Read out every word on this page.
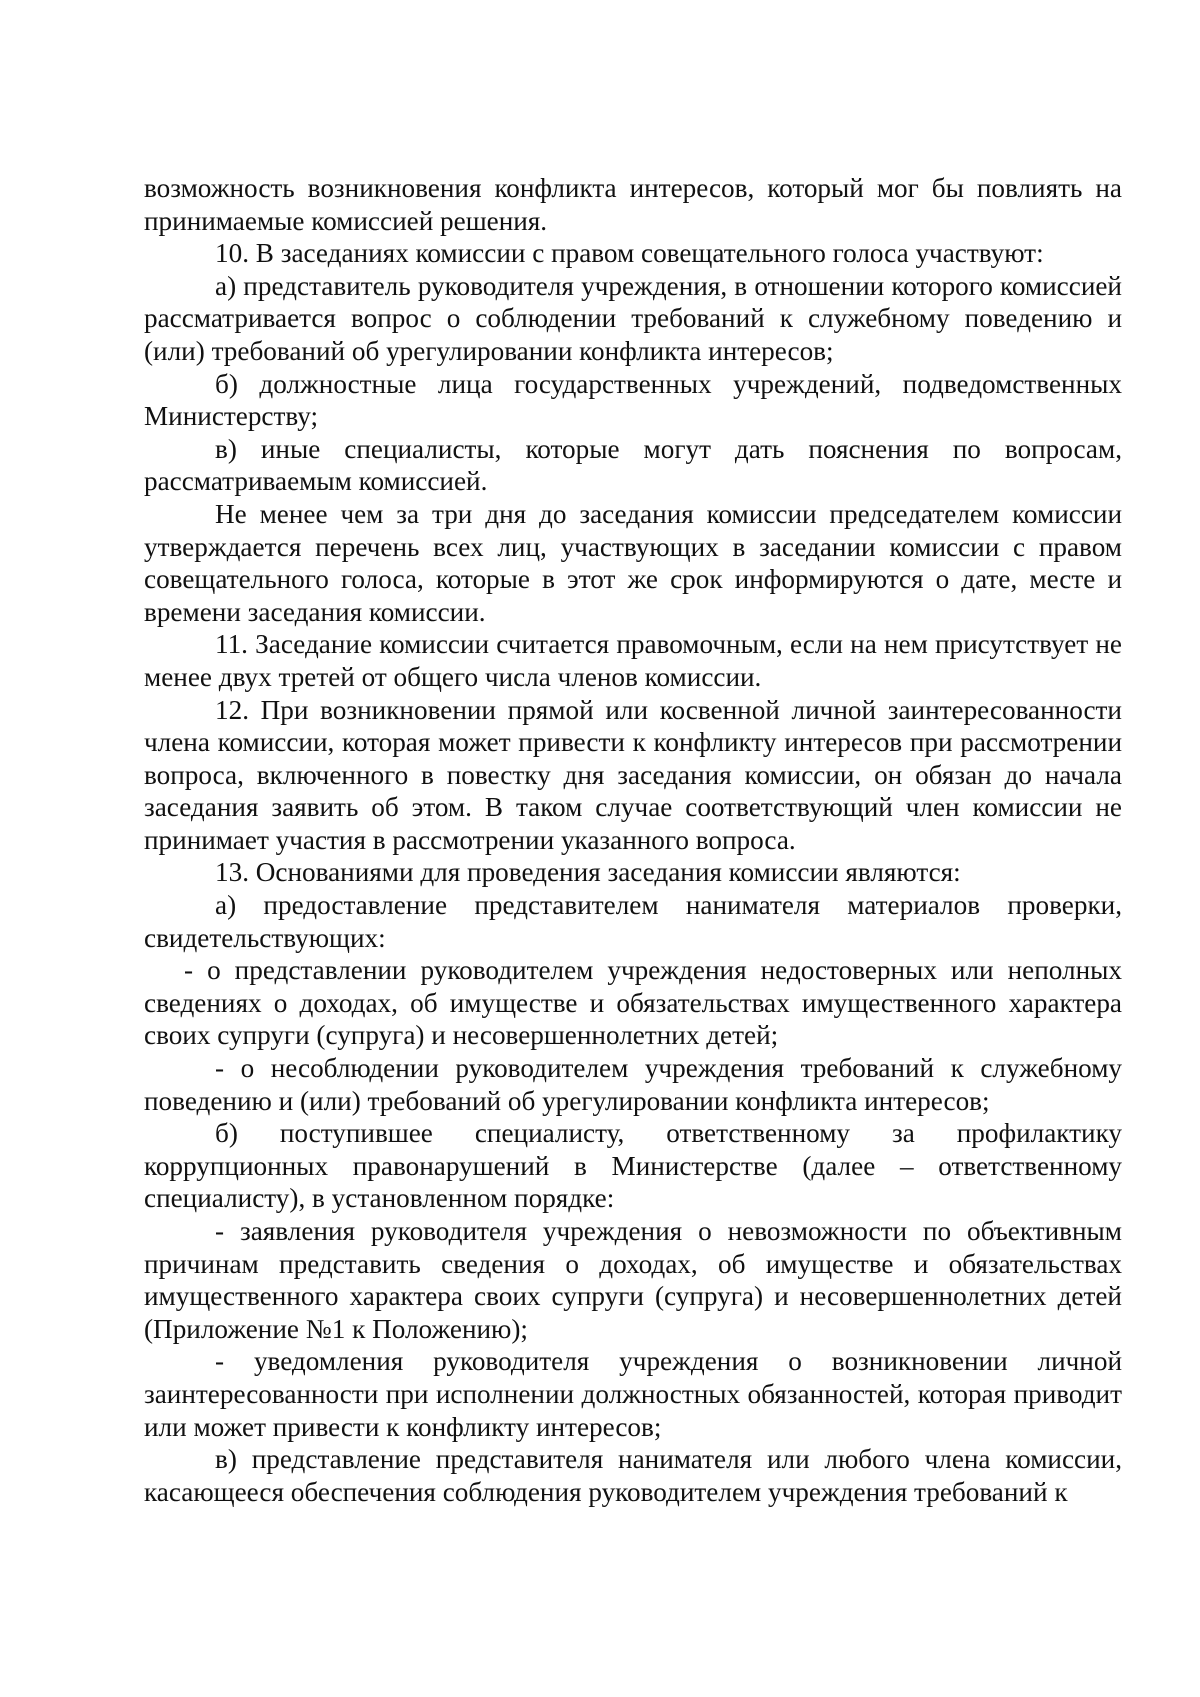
возможность возникновения конфликта интересов, который мог бы повлиять на принимаемые комиссией решения.

10. В заседаниях комиссии с правом совещательного голоса участвуют:

а) представитель руководителя учреждения, в отношении которого комиссией рассматривается вопрос о соблюдении требований к служебному поведению и (или) требований об урегулировании конфликта интересов;

б) должностные лица государственных учреждений, подведомственных Министерству;

в) иные специалисты, которые могут дать пояснения по вопросам, рассматриваемым комиссией.

Не менее чем за три дня до заседания комиссии председателем комиссии утверждается перечень всех лиц, участвующих в заседании комиссии с правом совещательного голоса, которые в этот же срок информируются о дате, месте и времени заседания комиссии.

11. Заседание комиссии считается правомочным, если на нем присутствует не менее двух третей от общего числа членов комиссии.

12. При возникновении прямой или косвенной личной заинтересованности члена комиссии, которая может привести к конфликту интересов при рассмотрении вопроса, включенного в повестку дня заседания комиссии, он обязан до начала заседания заявить об этом. В таком случае соответствующий член комиссии не принимает участия в рассмотрении указанного вопроса.

13. Основаниями для проведения заседания комиссии являются:

а) предоставление представителем нанимателя материалов проверки, свидетельствующих:

- о представлении руководителем учреждения недостоверных или неполных сведениях о доходах, об имуществе и обязательствах имущественного характера своих супруги (супруга) и несовершеннолетних детей;

- о несоблюдении руководителем учреждения требований к служебному поведению и (или) требований об урегулировании конфликта интересов;

б) поступившее специалисту, ответственному за профилактику коррупционных правонарушений в Министерстве (далее – ответственному специалисту), в установленном порядке:

- заявления руководителя учреждения о невозможности по объективным причинам представить сведения о доходах, об имуществе и обязательствах имущественного характера своих супруги (супруга) и несовершеннолетних детей (Приложение №1 к Положению);

- уведомления руководителя учреждения о возникновении личной заинтересованности при исполнении должностных обязанностей, которая приводит или может привести к конфликту интересов;

в) представление представителя нанимателя или любого члена комиссии, касающееся обеспечения соблюдения руководителем учреждения требований к
